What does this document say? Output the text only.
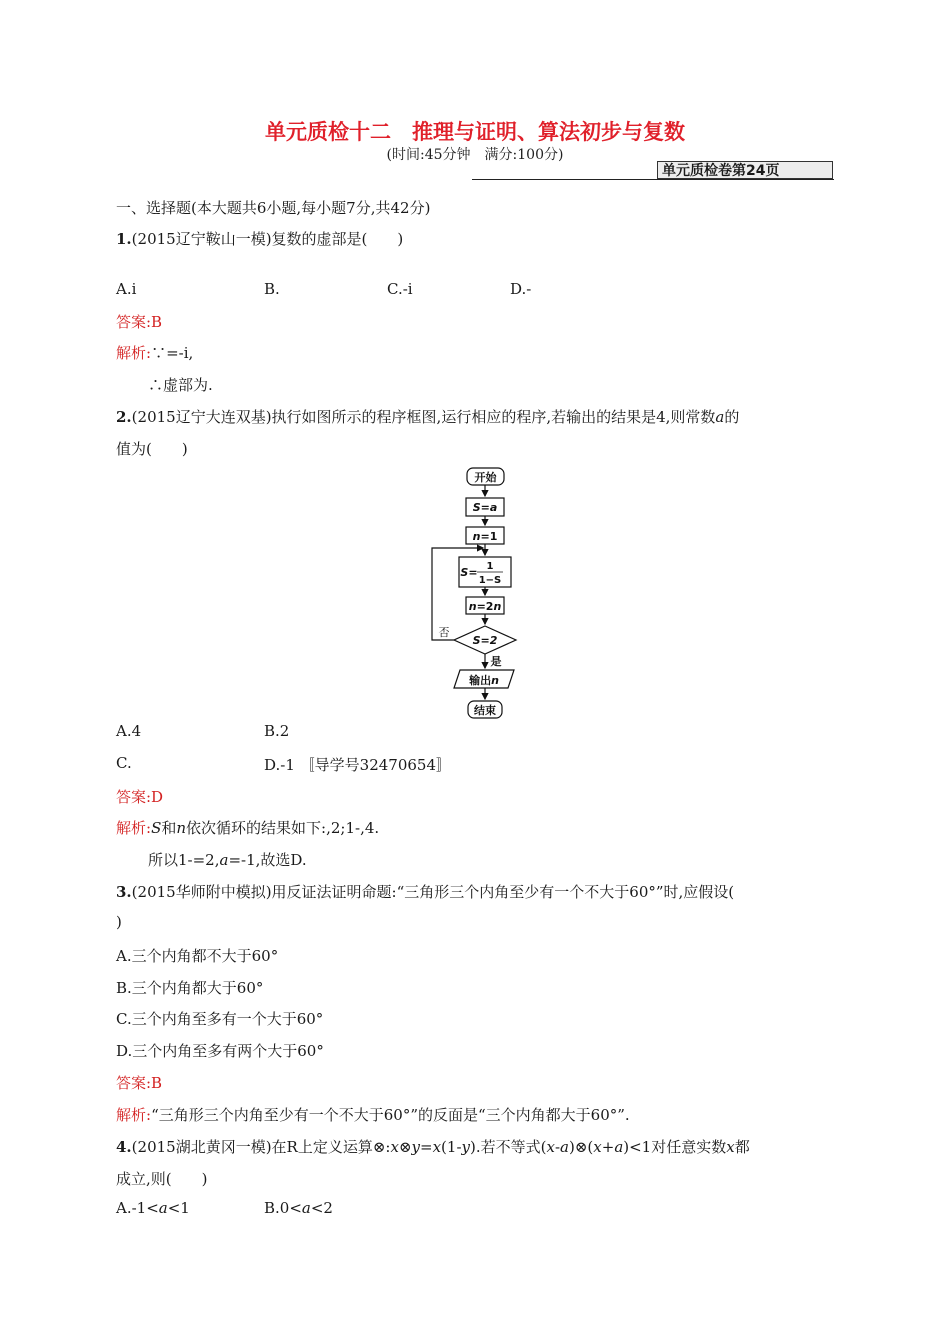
单元质检十二　推理与证明、算法初步与复数
(时间:45分钟　满分:100分)
单元质检卷第24页
一、选择题(本大题共6小题,每小题7分,共42分)
1.(2015辽宁鞍山一模)复数的虚部是(　　)
A.i	B.	C.-i	D.-
答案:B
解析:∵=-i,
∴虚部为.
2.(2015辽宁大连双基)执行如图所示的程序框图,运行相应的程序,若输出的结果是4,则常数a的
值为(　　)
开始
S=a
n=1
S= 1
1−S
n=2n
S=2
否
是
输出n
结束
A.4	B.2
C.	D.-1 〚导学号32470654〛
答案:D
解析:S和n依次循环的结果如下:,2;1-,4.
所以1-=2,a=-1,故选D.
3.(2015华师附中模拟)用反证法证明命题:“三角形三个内角至少有一个不大于60°”时,应假设(
)
A.三个内角都不大于60°
B.三个内角都大于60°
C.三个内角至多有一个大于60°
D.三个内角至多有两个大于60°
答案:B
解析:“三角形三个内角至少有一个不大于60°”的反面是“三个内角都大于60°”.
4.(2015湖北黄冈一模)在R上定义运算⊗:x⊗y=x(1-y).若不等式(x-a)⊗(x+a)<1对任意实数x都
成立,则(　　)
A.-1<a<1	B.0<a<2
